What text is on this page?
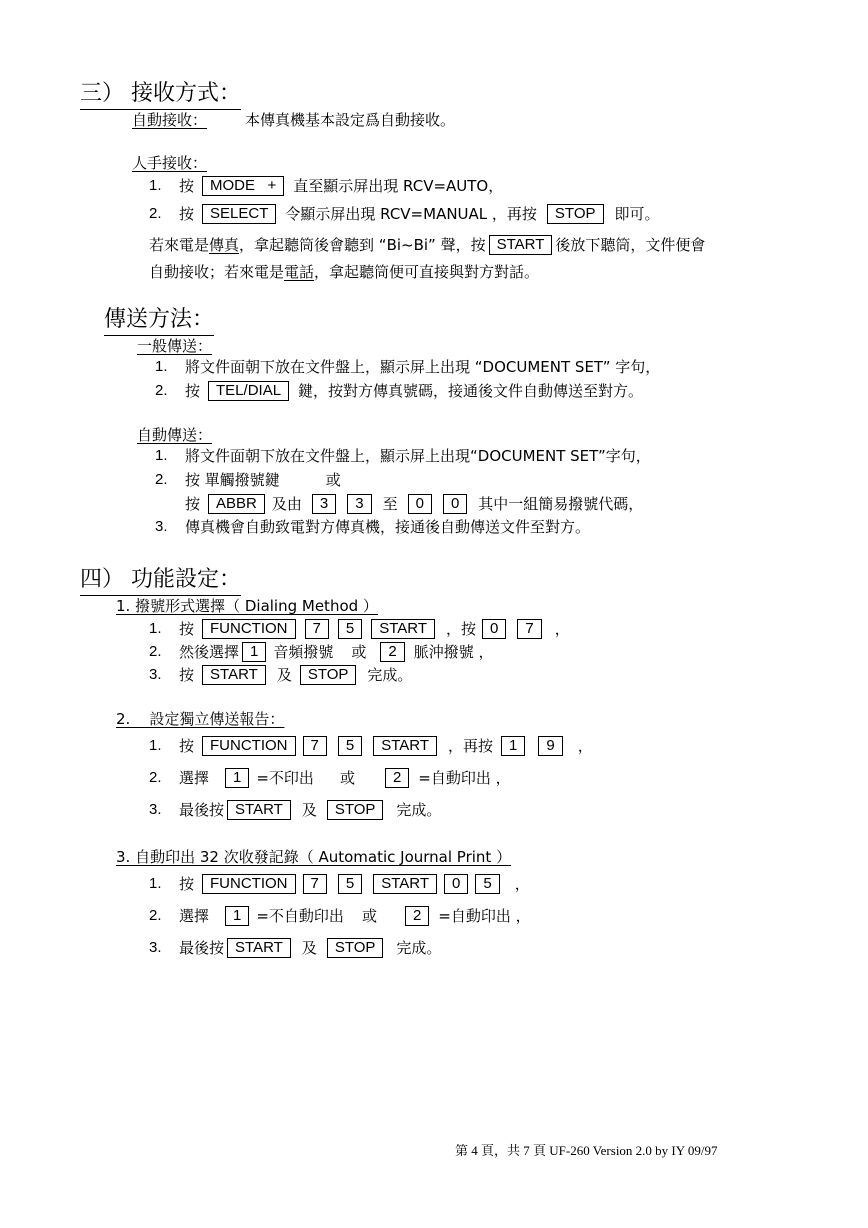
三） 接收方式：
自動接收：	本傳真機基本設定爲自動接收。
人手接收：
1.	按	MODE   +	直至顯示屏出現 RCV=AUTO，
2.	按	SELECT	令顯示屏出現 RCV=MANUAL ，再按	STOP	即可。
若來電是 傳真 ，拿起聽筒後會聽到 “Bi~Bi” 聲，按 START 後放下聽筒，文件便會
自動接收；若來電是 電話 ，拿起聽筒便可直接與對方對話。
傳送方法：
一般傳送：
1.	將文件面朝下放在文件盤上，顯示屏上出現 “DOCUMENT SET” 字句，
2.	按	TEL/DIAL	鍵，按對方傳真號碼，接通後文件自動傳送至對方。
自動傳送：
1.	將文件面朝下放在文件盤上，顯示屏上出現“DOCUMENT SET”字句，
2.	按 單觸撥號鍵	或
按	ABBR	及由	3	3	至	0	0	其中一組簡易撥號代碼，
3.	傳真機會自動致電對方傳真機，接通後自動傳送文件至對方。
四） 功能設定：
1. 撥號形式選擇（ Dialing Method ）
1.	按	FUNCTION	7	5	START	，按 0	7	，
2.	然後選擇 1	音頻撥號 或	2	脈沖撥號 ，
3.	按	START	及	STOP	完成。
2.    設定獨立傳送報告：
1.	按	FUNCTION	7	5	START	，再按	1	9	，
2.	選擇	1	=不印出 或	2	=自動印出 ，
3.	最後按 START	及	STOP	完成。
3. 自動印出 32 次收發記錄（ Automatic Journal Print ）
1.	按	FUNCTION	7	5	START	0	5	，
2.	選擇	1	=不自動印出 或	2	=自動印出 ，
3.	最後按 START	及	STOP	完成。
第 4 頁，共 7 頁 UF-260 Version 2.0 by IY 09/97
